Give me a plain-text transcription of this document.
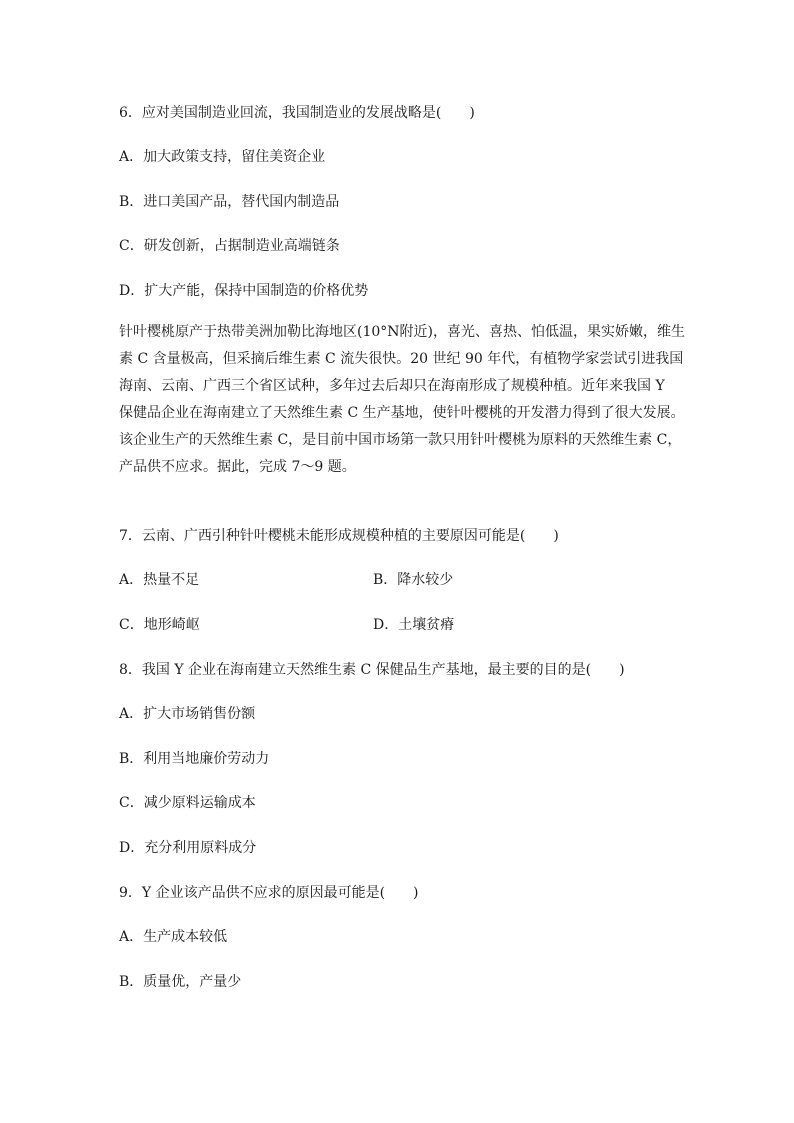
6．应对美国制造业回流，我国制造业的发展战略是(　　)
A．加大政策支持，留住美资企业
B．进口美国产品，替代国内制造品
C．研发创新，占据制造业高端链条
D．扩大产能，保持中国制造的价格优势
针叶樱桃原产于热带美洲加勒比海地区(10°N附近)，喜光、喜热、怕低温，果实娇嫩，维生
素 C 含量极高，但采摘后维生素 C 流失很快。20 世纪 90 年代，有植物学家尝试引进我国
海南、云南、广西三个省区试种，多年过去后却只在海南形成了规模种植。近年来我国 Y
保健品企业在海南建立了天然维生素 C 生产基地，使针叶樱桃的开发潜力得到了很大发展。
该企业生产的天然维生素 C，是目前中国市场第一款只用针叶樱桃为原料的天然维生素 C，
产品供不应求。据此，完成 7～9 题。
7．云南、广西引种针叶樱桃未能形成规模种植的主要原因可能是(　　)
A．热量不足	B．降水较少
C．地形崎岖	D．土壤贫瘠
8．我国 Y 企业在海南建立天然维生素 C 保健品生产基地，最主要的目的是(　　)
A．扩大市场销售份额
B．利用当地廉价劳动力
C．减少原料运输成本
D．充分利用原料成分
9．Y 企业该产品供不应求的原因最可能是(　　)
A．生产成本较低
B．质量优，产量少
